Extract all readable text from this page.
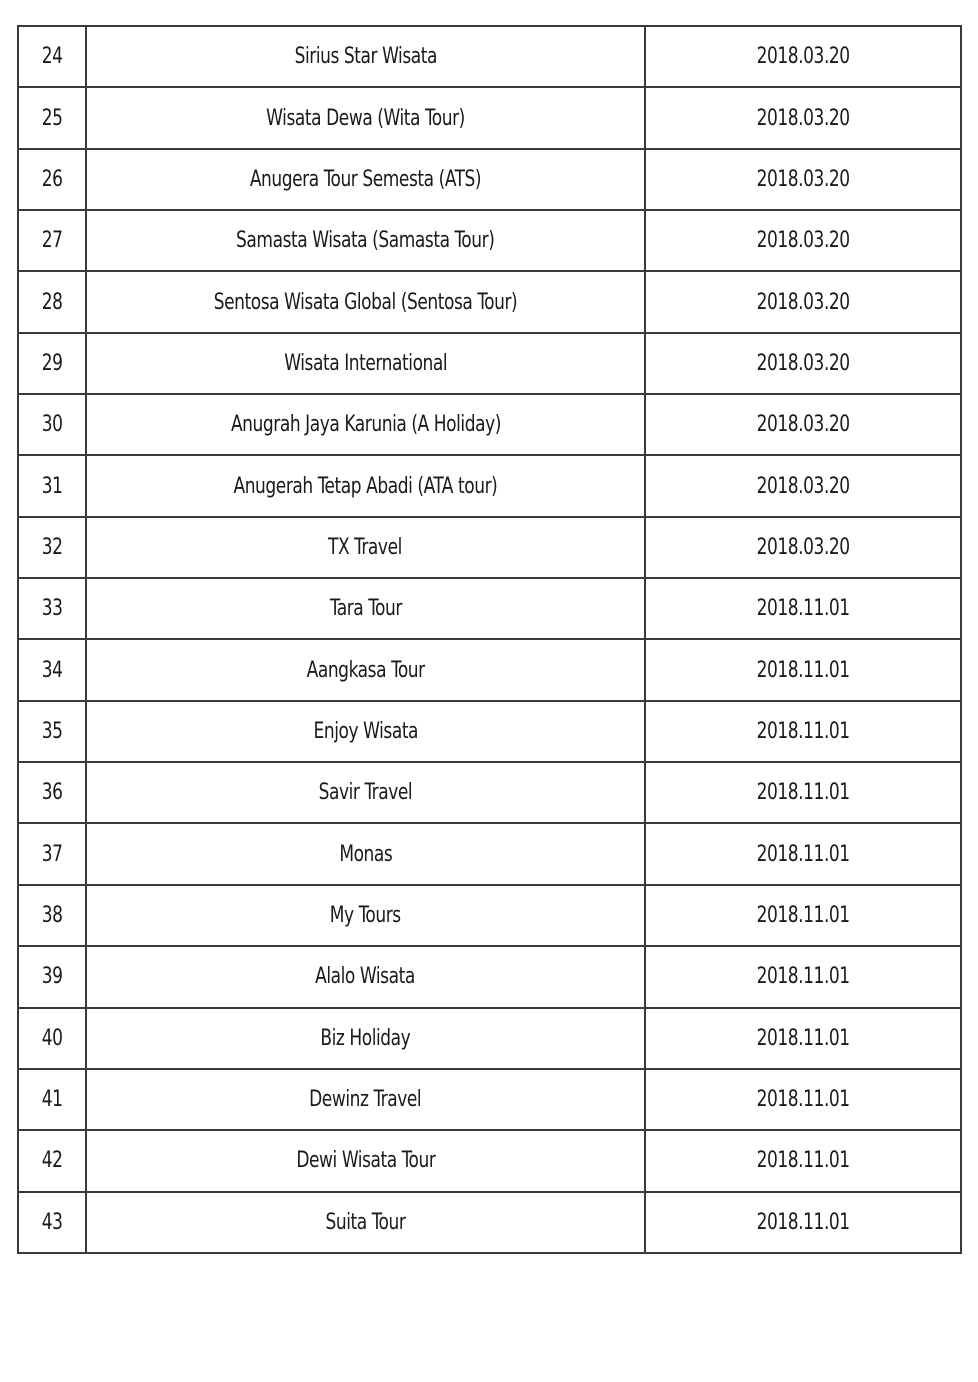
24	Sirius Star Wisata	2018.03.20
25	Wisata Dewa (Wita Tour)	2018.03.20
26	Anugera Tour Semesta (ATS)	2018.03.20
27	Samasta Wisata (Samasta Tour)	2018.03.20
28	Sentosa Wisata Global (Sentosa Tour)	2018.03.20
29	Wisata International	2018.03.20
30	Anugrah Jaya Karunia (A Holiday)	2018.03.20
31	Anugerah Tetap Abadi (ATA tour)	2018.03.20
32	TX Travel	2018.03.20
33	Tara Tour	2018.11.01
34	Aangkasa Tour	2018.11.01
35	Enjoy Wisata	2018.11.01
36	Savir Travel	2018.11.01
37	Monas	2018.11.01
38	My Tours	2018.11.01
39	Alalo Wisata	2018.11.01
40	Biz Holiday	2018.11.01
41	Dewinz Travel	2018.11.01
42	Dewi Wisata Tour	2018.11.01
43	Suita Tour	2018.11.01
